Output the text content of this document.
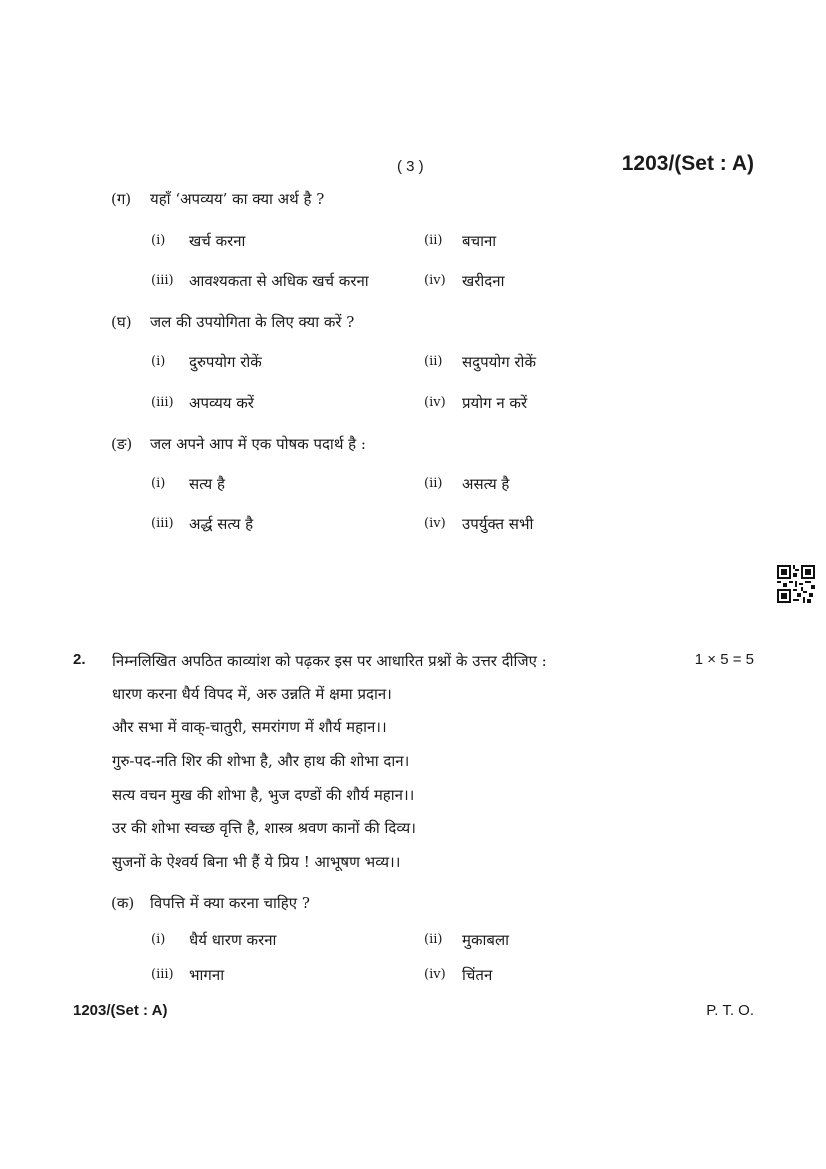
( 3 )	1203/(Set : A)
(ग) यहाँ ‘अपव्यय’ का क्या अर्थ है ?
(i) खर्च करना	(ii) बचाना
(iii) आवश्यकता से अधिक खर्च करना	(iv) खरीदना
(घ) जल की उपयोगिता के लिए क्या करें ?
(i) दुरुपयोग रोकें	(ii) सदुपयोग रोकें
(iii) अपव्यय करें	(iv) प्रयोग न करें
(ङ) जल अपने आप में एक पोषक पदार्थ है :
(i) सत्य है	(ii) असत्य है
(iii) अर्द्ध सत्य है	(iv) उपर्युक्त सभी
2. निम्नलिखित अपठित काव्यांश को पढ़कर इस पर आधारित प्रश्नों के उत्तर दीजिए :	1 × 5 = 5
धारण करना धैर्य विपद में, अरु उन्नति में क्षमा प्रदान।
और सभा में वाक्-चातुरी, समरांगण में शौर्य महान।।
गुरु-पद-नति शिर की शोभा है, और हाथ की शोभा दान।
सत्य वचन मुख की शोभा है, भुज दण्डों की शौर्य महान।।
उर की शोभा स्वच्छ वृत्ति है, शास्त्र श्रवण कानों की दिव्य।
सुजनों के ऐश्वर्य बिना भी हैं ये प्रिय ! आभूषण भव्य।।
(क) विपत्ति में क्या करना चाहिए ?
(i) धैर्य धारण करना	(ii) मुकाबला
(iii) भागना	(iv) चिंतन
1203/(Set : A)	P. T. O.
